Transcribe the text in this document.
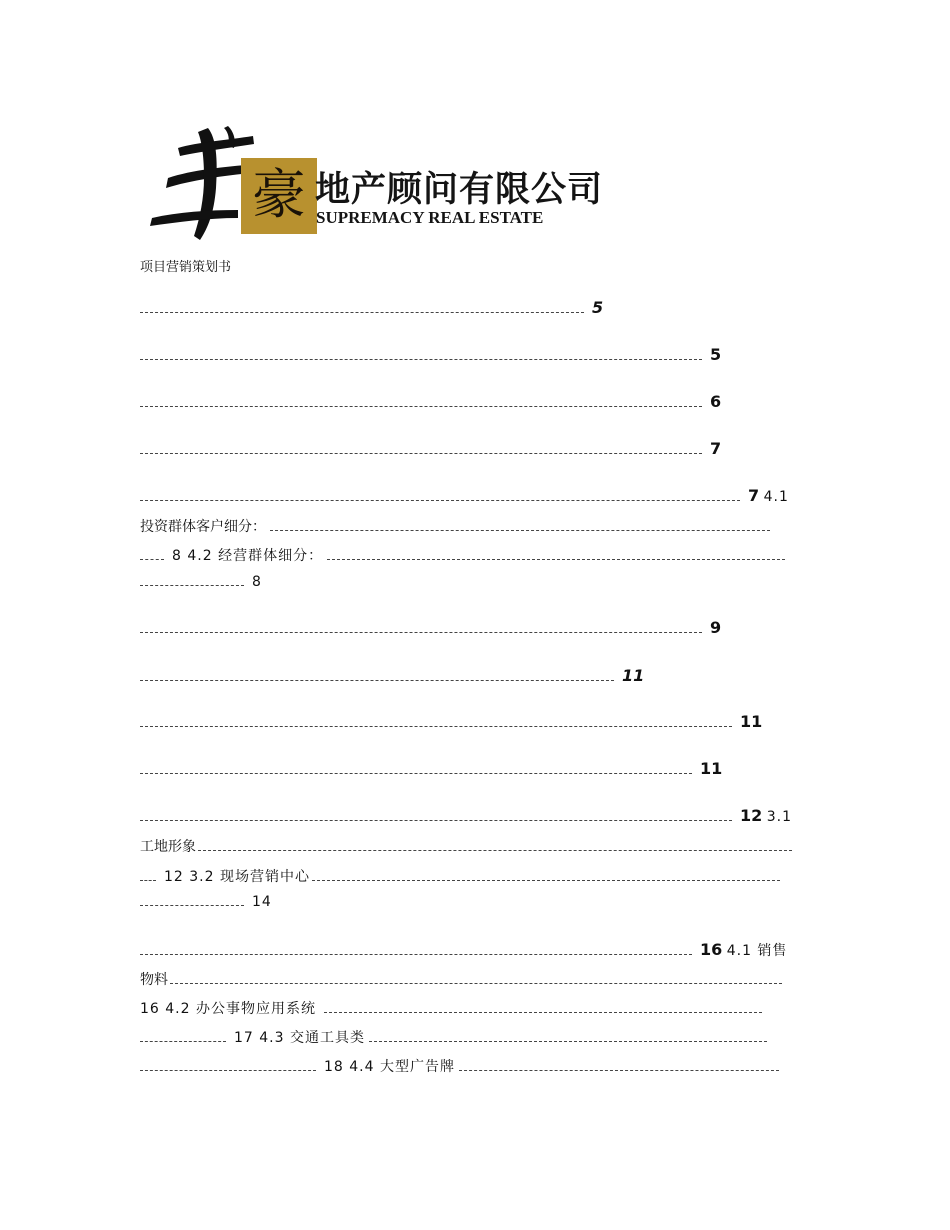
豪 地产顾问有限公司
SUPREMACY REAL ESTATE
项目营销策划书
5
5
6
7
7 4.1
投资群体客户细分：
8 4.2 经营群体细分：
8
9
11
11
11
12 3.1
工地形象
12 3.2 现场营销中心
14
16 4.1 销售
物料
16 4.2 办公事物应用系统
17 4.3 交通工具类
18 4.4 大型广告牌
